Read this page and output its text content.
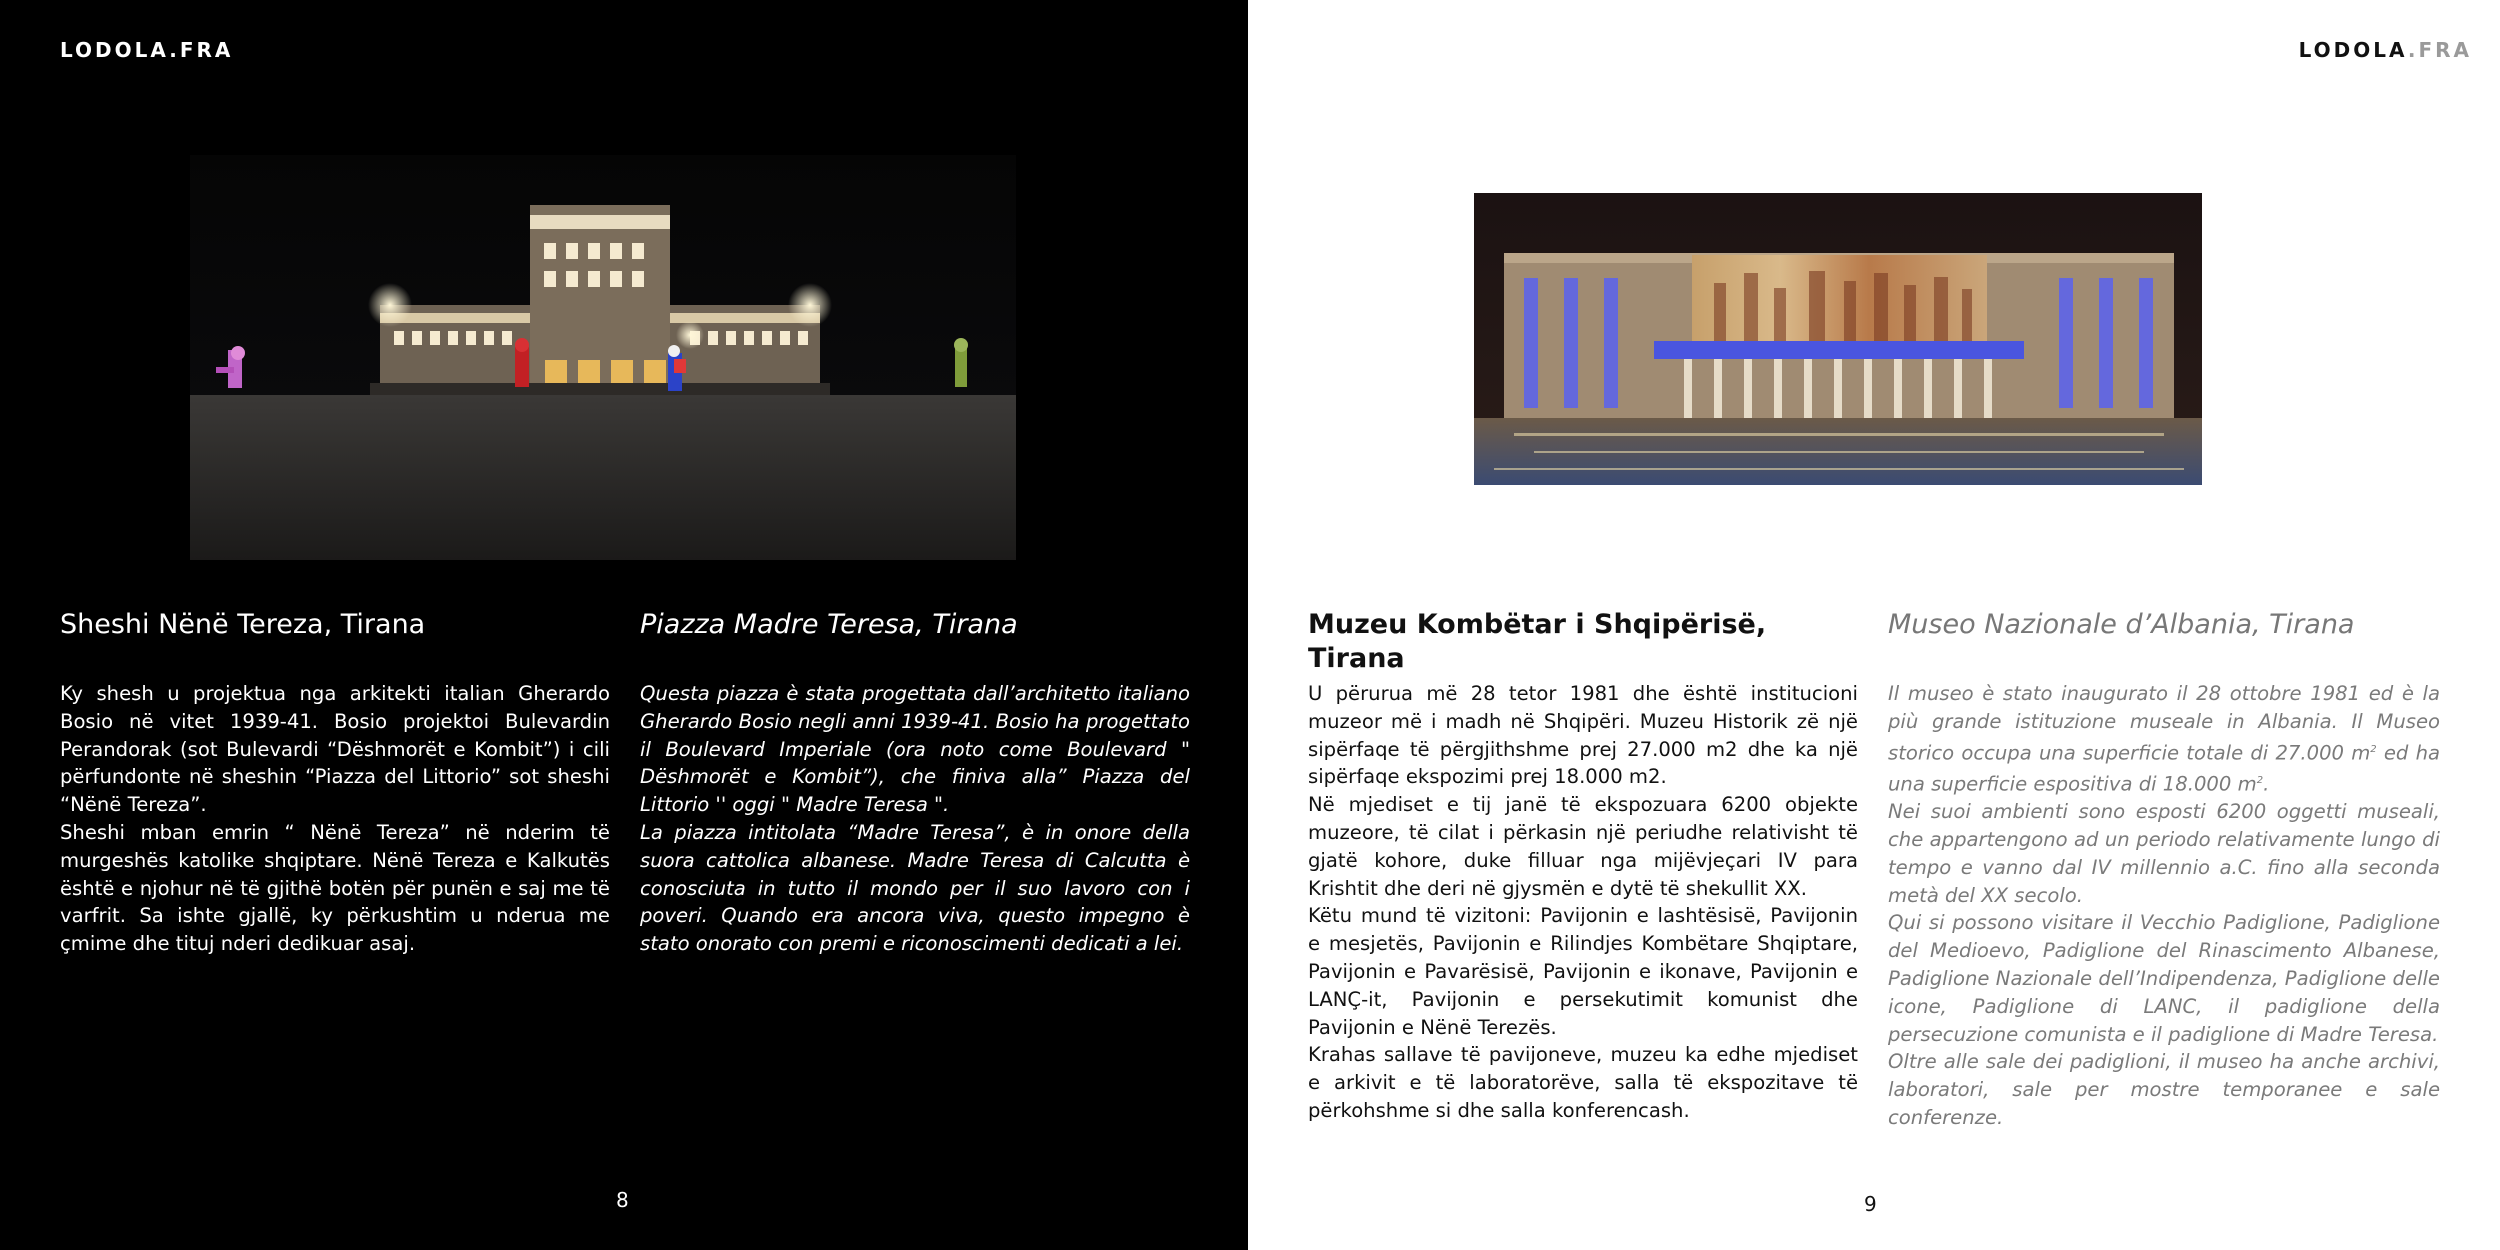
LODOLA.FRA
Sheshi Nënë Tereza, Tirana	Piazza Madre Teresa, Tirana

Ky shesh u projektua nga arkitekti italian Gherardo Bosio në vitet 1939-41. Bosio projektoi Bulevardin Perandorak (sot Bulevardi “Dëshmorët e Kombit”) i cili përfundonte në sheshin “Piazza del Littorio” sot sheshi “Nënë Tereza”.

Sheshi mban emrin “ Nënë Tereza” në nderim të murgeshës katolike shqiptare. Nënë Tereza e Kalkutës është e njohur në të gjithë botën për punën e saj me të varfrit. Sa ishte gjallë, ky përkushtim u nderua me çmime dhe tituj nderi dedikuar asaj.

Questa piazza è stata progettata dall’architetto italiano Gherardo Bosio negli anni 1939-41. Bosio ha progettato il Boulevard Imperiale (ora noto come Boulevard " Dëshmorët e Kombit”), che finiva alla” Piazza del Littorio '' oggi " Madre Teresa ".

La piazza intitolata “Madre Teresa”, è in onore della suora cattolica albanese. Madre Teresa di Calcutta è conosciuta in tutto il mondo per il suo lavoro con i poveri. Quando era ancora viva, questo impegno è stato onorato con premi e riconoscimenti dedicati a lei.

8
LODOLA.FRA
Muzeu Kombëtar i Shqipërisë, Tirana
Museo Nazionale d’Albania, Tirana

U përurua më 28 tetor 1981 dhe është institucioni muzeor më i madh në Shqipëri. Muzeu Historik zë një sipërfaqe të përgjithshme prej 27.000 m2 dhe ka një sipërfaqe ekspozimi prej 18.000 m2.

Në mjediset e tij janë të ekspozuara 6200 objekte muzeore, të cilat i përkasin një periudhe relativisht të gjatë kohore, duke filluar nga mijëvjeçari IV para Krishtit dhe deri në gjysmën e dytë të shekullit XX.

Këtu mund të vizitoni: Pavijonin e lashtësisë, Pavijonin e mesjetës, Pavijonin e Rilindjes Kombëtare Shqiptare, Pavijonin e Pavarësisë, Pavijonin e ikonave, Pavijonin e LANÇ-it, Pavijonin e persekutimit komunist dhe Pavijonin e Nënë Terezës.

Krahas sallave të pavijoneve, muzeu ka edhe mjediset e arkivit e të laboratorëve, salla të ekspozitave të përkohshme si dhe salla konferencash.

Il museo è stato inaugurato il 28 ottobre 1981 ed è la più grande istituzione museale in Albania. Il Museo storico occupa una superficie totale di 27.000 $m^2$ ed ha una superficie espositiva di 18.000 $m^2$.

Nei suoi ambienti sono esposti 6200 oggetti museali, che appartengono ad un periodo relativamente lungo di tempo e vanno dal IV millennio a.C. fino alla seconda metà del XX secolo.

Qui si possono visitare il Vecchio Padiglione, Padiglione del Medioevo, Padiglione del Rinascimento Albanese, Padiglione Nazionale dell’Indipendenza, Padiglione delle icone, Padiglione di LANC, il padiglione della persecuzione comunista e il padiglione di Madre Teresa.

Oltre alle sale dei padiglioni, il museo ha anche archivi, laboratori, sale per mostre temporanee e sale conferenze.

9
